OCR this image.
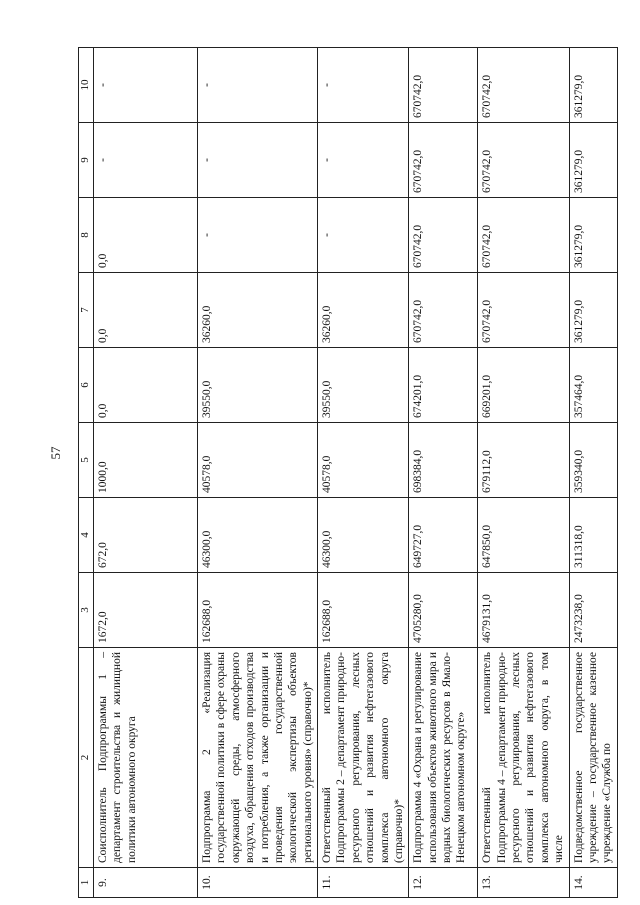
57
1	2	3	4	5	6	7	8	9	10
9.	Соисполнитель Подпрограммы 1 – департамент строительства и жилищной политики автономного округа	1672,0	672,0	1000,0	0,0	0,0	0,0	-	-
10.	Подпрограмма 2 «Реализация государственной политики в сфере охраны окружающей среды, атмосферного воздуха, обращения отходов производства и потребления, а также организации и проведения государственной экологической экспертизы объектов регионального уровня» (справочно)*	162688,0	46300,0	40578,0	39550,0	36260,0	-	-	-
11.	Ответственный исполнитель Подпрограммы 2 – департамент природно-ресурсного регулирования, лесных отношений и развития нефтегазового комплекса автономного округа (справочно)*	162688,0	46300,0	40578,0	39550,0	36260,0	-	-	-
12.	Подпрограмма 4 «Охрана и регулирование использования объектов животного мира и водных биологических ресурсов в Ямало-Ненецком автономном округе»	4705280,0	649727,0	698384,0	674201,0	670742,0	670742,0	670742,0	670742,0
13.	Ответственный исполнитель Подпрограммы 4 – департамент природно-ресурсного регулирования, лесных отношений и развития нефтегазового комплекса автономного округа, в том числе	4679131,0	647850,0	679112,0	669201,0	670742,0	670742,0	670742,0	670742,0
14.	Подведомственное государственное учреждение – государственное казенное учреждение «Служба по	2473238,0	311318,0	359340,0	357464,0	361279,0	361279,0	361279,0	361279,0
